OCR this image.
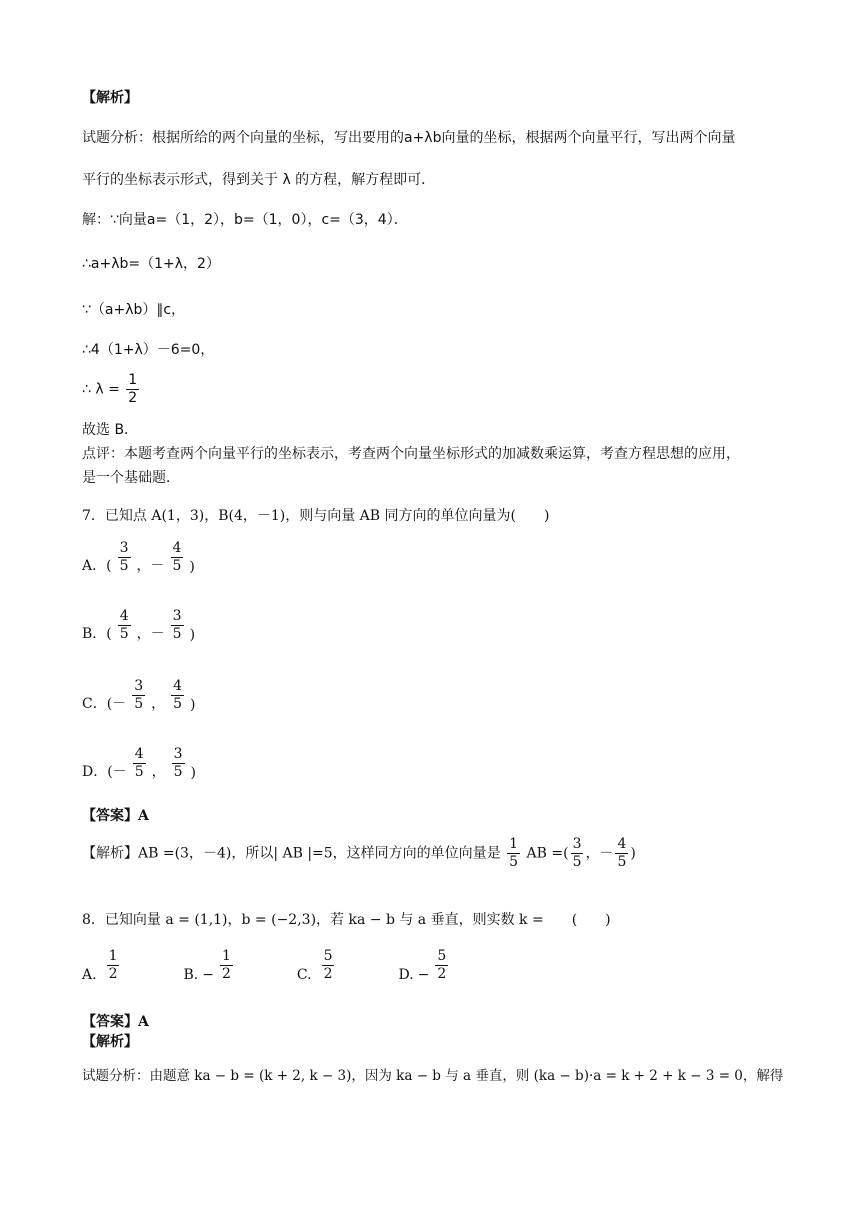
【解析】
试题分析：根据所给的两个向量的坐标，写出要用的a+λb向量的坐标，根据两个向量平行，写出两个向量
平行的坐标表示形式，得到关于 λ 的方程，解方程即可．
解：∵向量a=（1，2），b=（1，0），c=（3，4）．
∴a+λb=（1+λ，2）
∵（a+λb）∥c，
∴4（1+λ）－6=0，
∴ $\lambda = \frac{1}{2}$
故选 B．
点评：本题考查两个向量平行的坐标表示，考查两个向量坐标形式的加减数乘运算，考查方程思想的应用，
是一个基础题．
7．已知点 A(1，3)，B(4，－1)，则与向量 AB 同方向的单位向量为(　　)
A．( $\frac{3}{5}$ ，－ $\frac{4}{5}$ )
B．( $\frac{4}{5}$ ，－ $\frac{3}{5}$ )
C．(－ $\frac{3}{5}$ ， $\frac{4}{5}$ )
D．(－ $\frac{4}{5}$ ， $\frac{3}{5}$ )
【答案】A
【解析】AB =(3，－4)，所以| AB |=5，这样同方向的单位向量是 $\frac{1}{5}$ AB =( $\frac{3}{5}$ ，－ $\frac{4}{5}$ )
8．已知向量 a = (1,1)，b = (−2,3)，若 ka − b 与 a 垂直，则实数 k =　　(　　)
A. $\frac{1}{2}$	B. − $\frac{1}{2}$	C. $\frac{5}{2}$	D. − $\frac{5}{2}$
【答案】A
【解析】
试题分析：由题意 ka − b = (k + 2, k − 3)，因为 ka − b 与 a 垂直，则 (ka − b)·a = k + 2 + k − 3 = 0，解得
